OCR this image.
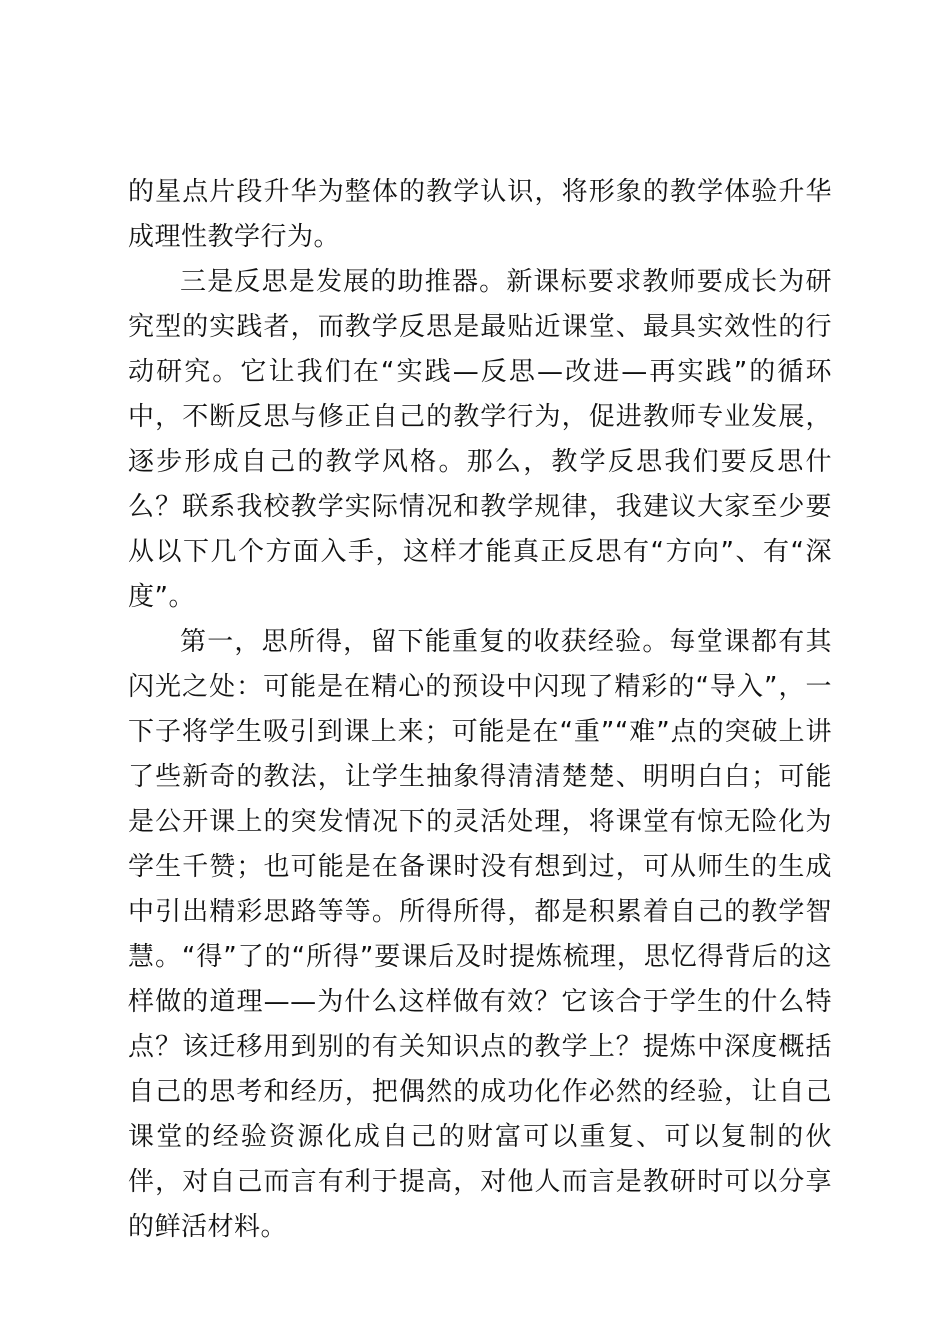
的星点片段升华为整体的教学认识，将形象的教学体验升华成理性教学行为。

三是反思是发展的助推器。新课标要求教师要成长为研究型的实践者，而教学反思是最贴近课堂、最具实效性的行动研究。它让我们在“实践—反思—改进—再实践”的循环中，不断反思与修正自己的教学行为，促进教师专业发展，逐步形成自己的教学风格。那么，教学反思我们要反思什么？联系我校教学实际情况和教学规律，我建议大家至少要从以下几个方面入手，这样才能真正反思有“方向”、有“深度”。

第一，思所得，留下能重复的收获经验。每堂课都有其闪光之处：可能是在精心的预设中闪现了精彩的“导入”，一下子将学生吸引到课上来；可能是在“重”“难”点的突破上讲了些新奇的教法，让学生抽象得清清楚楚、明明白白；可能是公开课上的突发情况下的灵活处理，将课堂有惊无险化为学生千赞；也可能是在备课时没有想到过，可从师生的生成中引出精彩思路等等。所得所得，都是积累着自己的教学智慧。“得”了的“所得”要课后及时提炼梳理，思忆得背后的这样做的道理——为什么这样做有效？它该合于学生的什么特点？该迁移用到别的有关知识点的教学上？提炼中深度概括自己的思考和经历，把偶然的成功化作必然的经验，让自己课堂的经验资源化成自己的财富可以重复、可以复制的伙伴，对自己而言有利于提高，对他人而言是教研时可以分享的鲜活材料。
